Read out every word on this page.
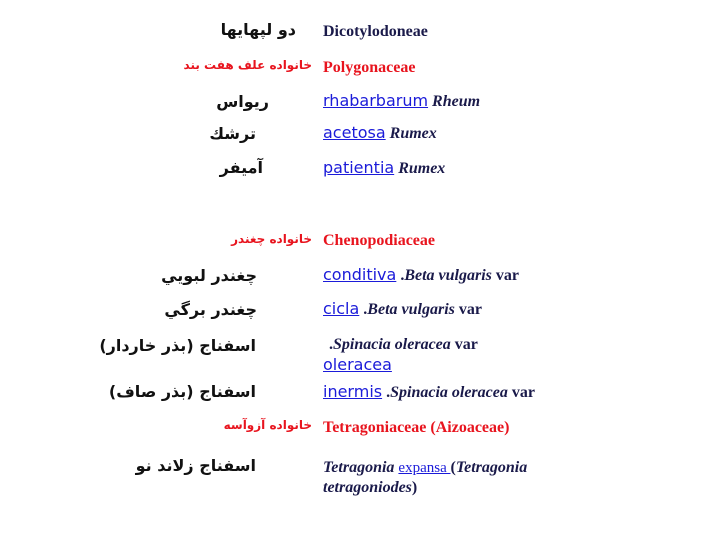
دو لپهایها Dicotylodoneae
خانواده علف هفت بند Polygonaceae
ریواس	rhabarbarum Rheum
ترشك	acetosa Rumex
آمیفر	patientia Rumex
خانواده چغندر Chenopodiaceae
چغندر لبويي	conditiva .Beta vulgaris var
چغندر برگي	cicla .Beta vulgaris var
اسفناج (بذر خاردار)	.Spinacia oleracea var
oleracea
اسفناج (بذر صاف)	inermis .Spinacia oleracea var
خانواده آزوآسه Tetragoniaceae (Aizoaceae)
اسفناج زلاند نو	Tetragonia expansa (Tetragonia
tetragoniodes)
